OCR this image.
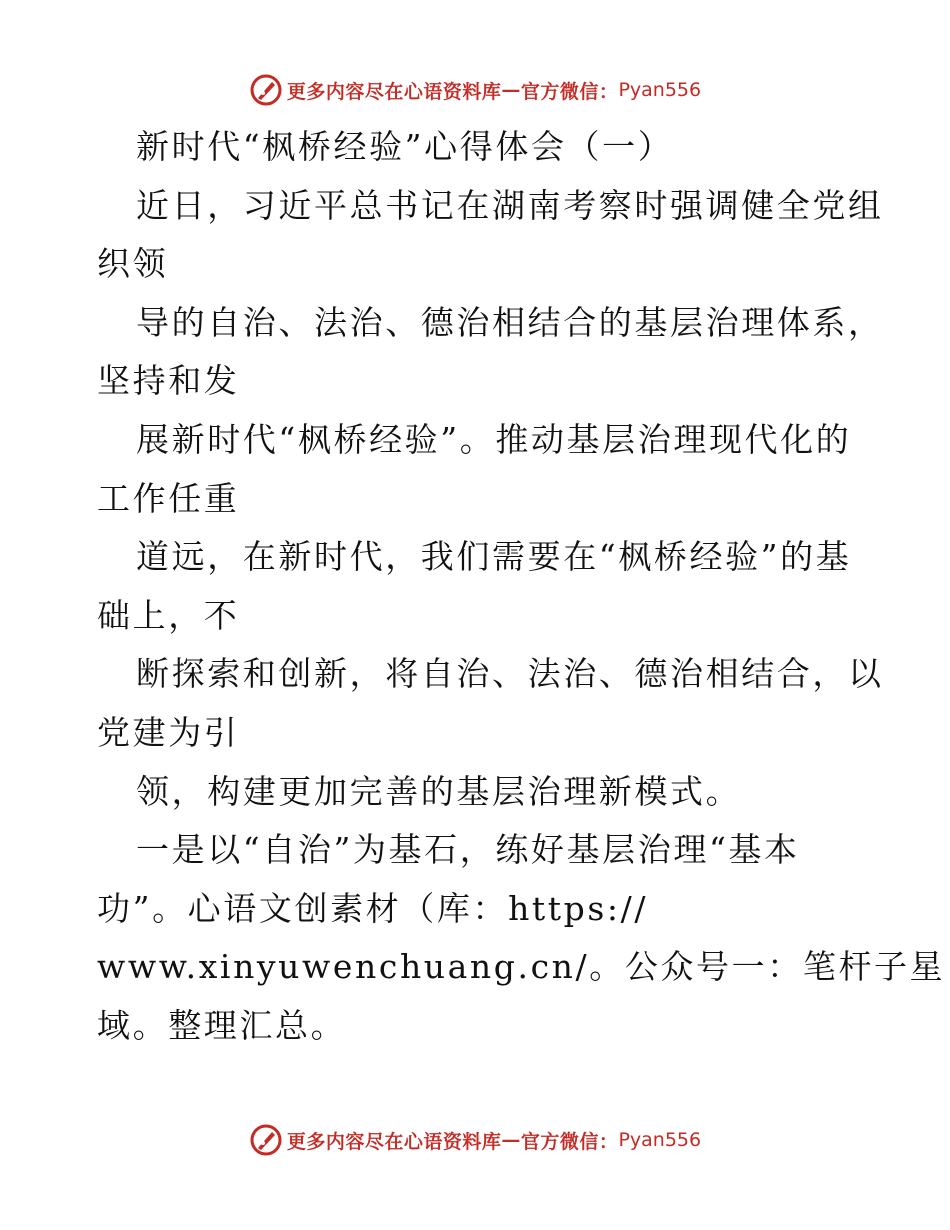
更多内容尽在心语资料库 — 官方微信： Pyan556
新时代“枫桥经验”心得体会（一）
近日，习近平总书记在湖南考察时强调健全党组
织领
导的自治、法治、德治相结合的基层治理体系，
坚持和发
展新时代“枫桥经验”。推动基层治理现代化的
工作任重
道远，在新时代，我们需要在“枫桥经验”的基
础上，不
断探索和创新，将自治、法治、德治相结合，以
党建为引
领，构建更加完善的基层治理新模式。
一是以“自治”为基石，练好基层治理“基本
功”。心语文创素材（库：https://
www.xinyuwenchuang.cn/。公众号一：笔杆子星
域。整理汇总。
更多内容尽在心语资料库 — 官方微信： Pyan556
